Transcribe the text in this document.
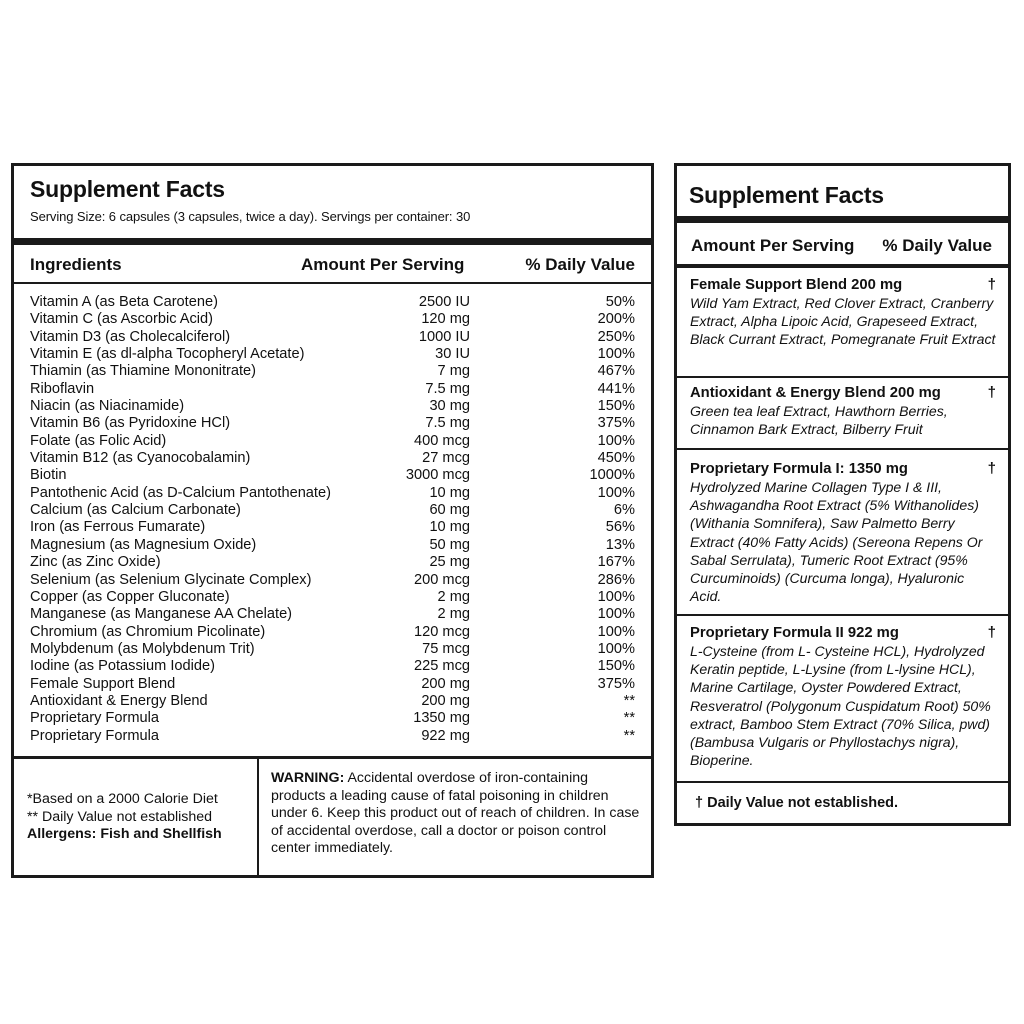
Supplement Facts
Serving Size: 6 capsules (3 capsules, twice a day). Servings per container: 30
Ingredients	Amount Per Serving	% Daily Value
Vitamin A (as Beta Carotene)	2500 IU	50%
Vitamin C (as Ascorbic Acid)	120 mg	200%
Vitamin D3 (as Cholecalciferol)	1000 IU	250%
Vitamin E (as dl-alpha Tocopheryl Acetate)	30 IU	100%
Thiamin (as Thiamine Mononitrate)	7 mg	467%
Riboflavin	7.5 mg	441%
Niacin (as Niacinamide)	30 mg	150%
Vitamin B6 (as Pyridoxine HCl)	7.5 mg	375%
Folate (as Folic Acid)	400 mcg	100%
Vitamin B12 (as Cyanocobalamin)	27 mcg	450%
Biotin	3000 mcg	1000%
Pantothenic Acid (as D-Calcium Pantothenate)	10 mg	100%
Calcium (as Calcium Carbonate)	60 mg	6%
Iron (as Ferrous Fumarate)	10 mg	56%
Magnesium (as Magnesium Oxide)	50 mg	13%
Zinc (as Zinc Oxide)	25 mg	167%
Selenium (as Selenium Glycinate Complex)	200 mcg	286%
Copper (as Copper Gluconate)	2 mg	100%
Manganese (as Manganese AA Chelate)	2 mg	100%
Chromium (as Chromium Picolinate)	120 mcg	100%
Molybdenum (as Molybdenum Trit)	75 mcg	100%
Iodine (as Potassium Iodide)	225 mcg	150%
Female Support Blend	200 mg	375%
Antioxidant & Energy Blend	200 mg	**
Proprietary Formula	1350 mg	**
Proprietary Formula	922 mg	**
*Based on a 2000 Calorie Diet
** Daily Value not established
Allergens: Fish and Shellfish
WARNING: Accidental overdose of iron-containing products a leading cause of fatal poisoning in children under 6. Keep this product out of reach of children. In case of accidental overdose, call a doctor or poison control center immediately.
Supplement Facts
Amount Per Serving % Daily Value
Female Support Blend 200 mg	†
Wild Yam Extract, Red Clover Extract, Cranberry Extract, Alpha Lipoic Acid, Grapeseed Extract, Black Currant Extract, Pomegranate Fruit Extract
Antioxidant & Energy Blend 200 mg	†
Green tea leaf Extract, Hawthorn Berries, Cinnamon Bark Extract, Bilberry Fruit
Proprietary Formula I: 1350 mg	†
Hydrolyzed Marine Collagen Type I & III, Ashwagandha Root Extract (5% Withanolides) (Withania Somnifera), Saw Palmetto Berry Extract (40% Fatty Acids) (Sereona Repens Or Sabal Serrulata), Tumeric Root Extract (95% Curcuminoids) (Curcuma longa), Hyaluronic Acid.
Proprietary Formula II 922 mg	†
L-Cysteine (from L- Cysteine HCL), Hydrolyzed Keratin peptide, L-Lysine (from L-lysine HCL), Marine Cartilage, Oyster Powdered Extract, Resveratrol (Polygonum Cuspidatum Root) 50% extract, Bamboo Stem Extract (70% Silica, pwd) (Bambusa Vulgaris or Phyllostachys nigra), Bioperine.
† Daily Value not established.
